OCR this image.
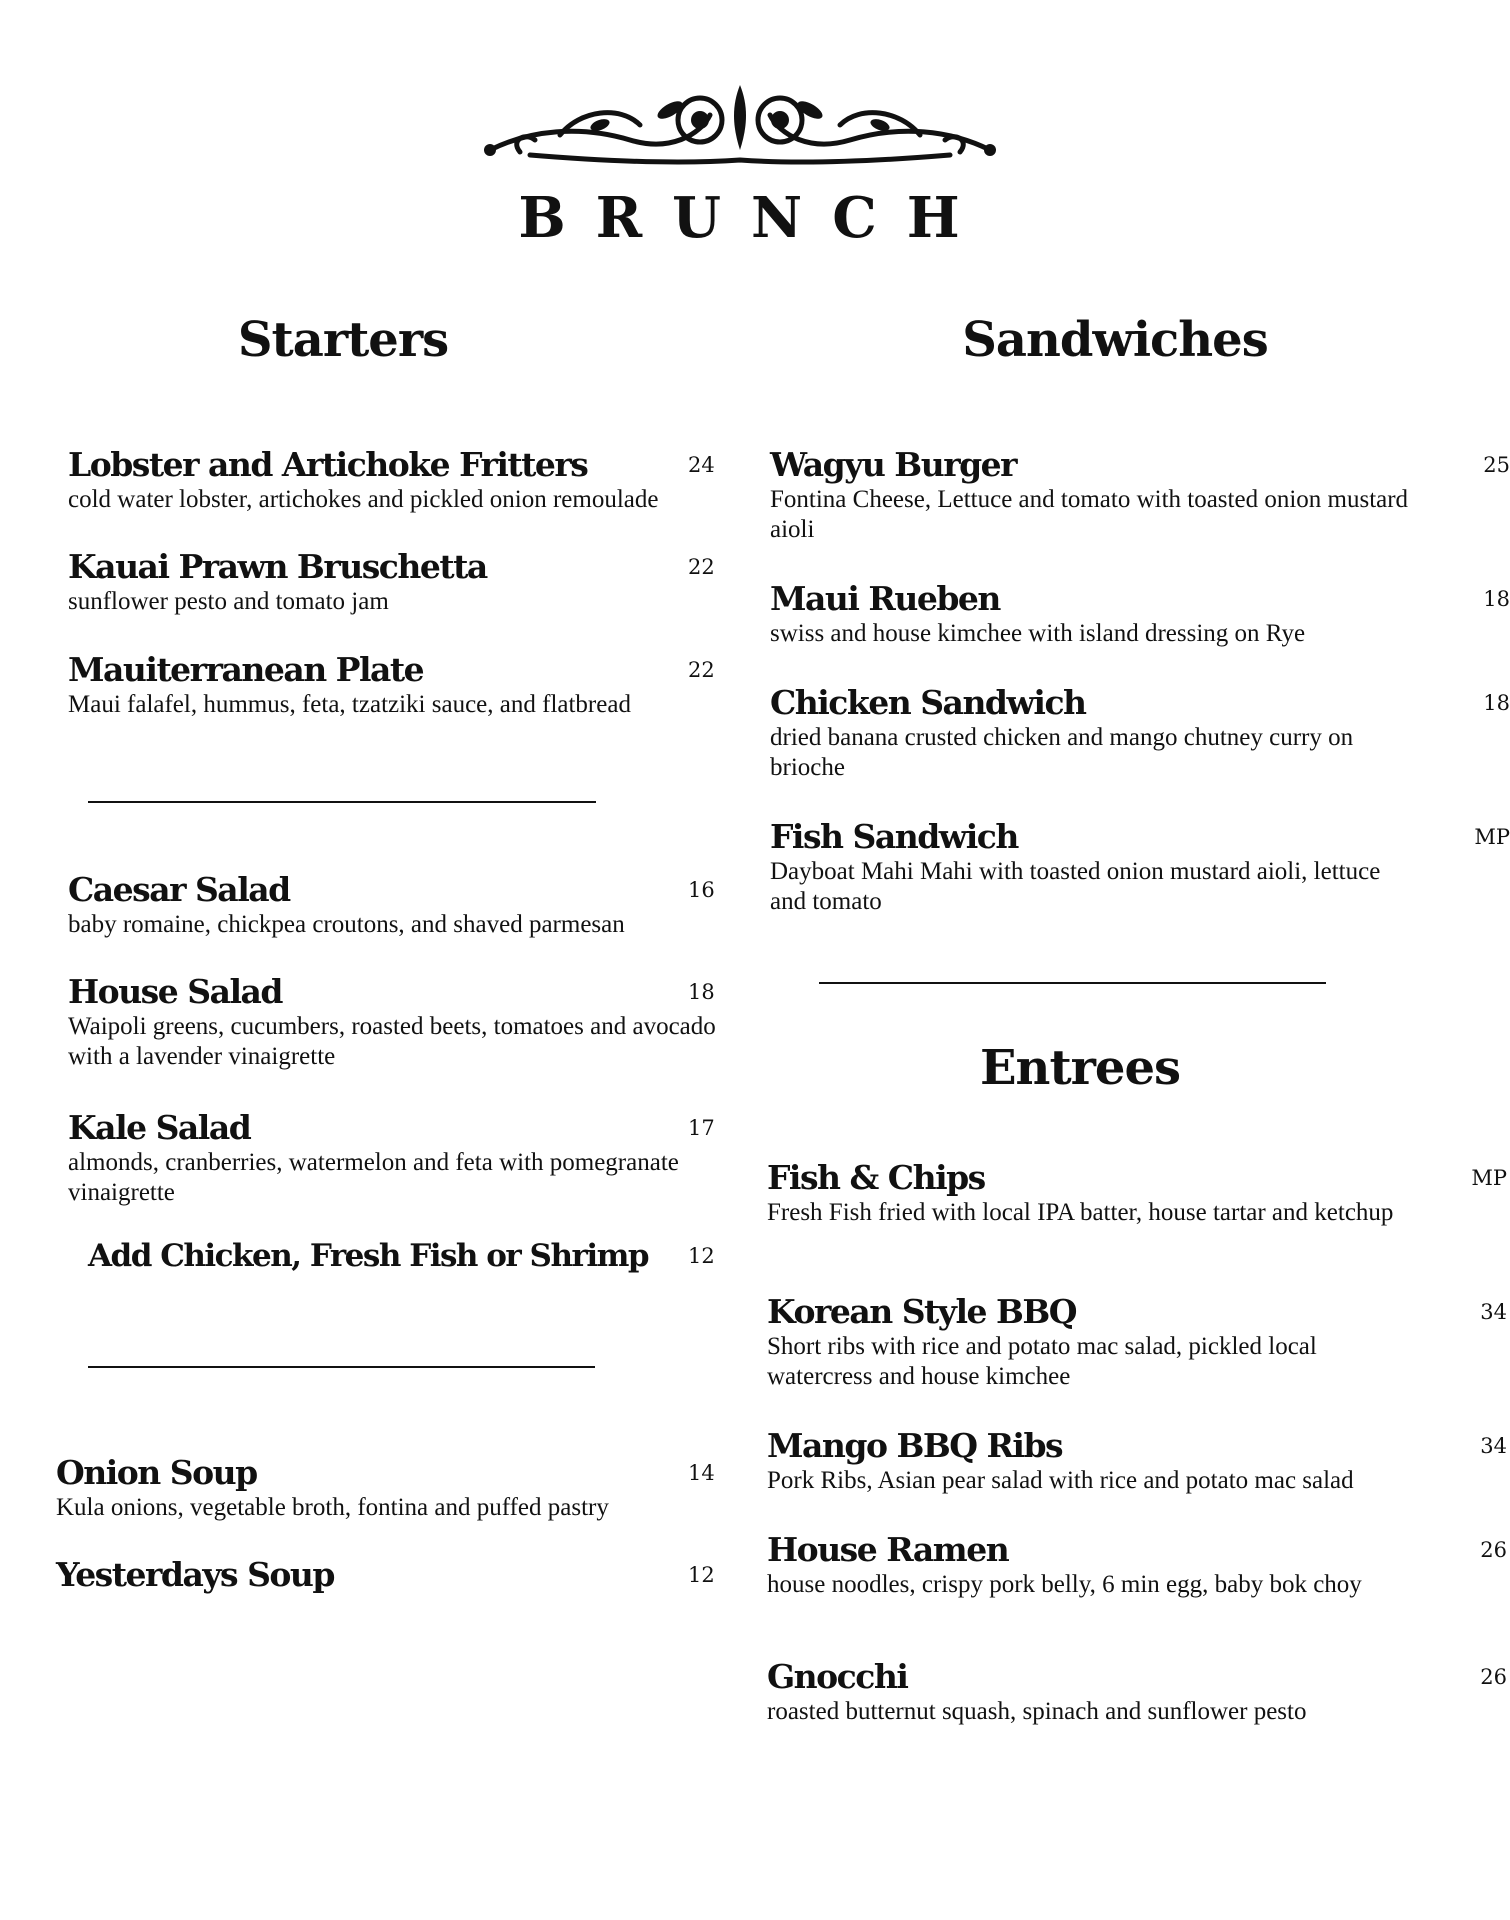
BRUNCH
Starters	Sandwiches
Entrees
Lobster and Artichoke Fritters	24
cold water lobster, artichokes and pickled onion remoulade
Kauai Prawn Bruschetta	22
sunflower pesto and tomato jam
Mauiterranean Plate	22
Maui falafel, hummus, feta, tzatziki sauce, and flatbread
Caesar Salad	16
baby romaine, chickpea croutons, and shaved parmesan
House Salad	18
Waipoli greens, cucumbers, roasted beets, tomatoes and avocado with a lavender vinaigrette
Kale Salad	17
almonds, cranberries, watermelon and feta with pomegranate vinaigrette
Add Chicken, Fresh Fish or Shrimp	12
Onion Soup	14
Kula onions, vegetable broth, fontina and puffed pastry
Yesterdays Soup	12
Wagyu Burger	25
Fontina Cheese, Lettuce and tomato with toasted onion mustard aioli
Maui Rueben	18
swiss and house kimchee with island dressing on Rye
Chicken Sandwich	18
dried banana crusted chicken and mango chutney curry on brioche
Fish Sandwich	MP
Dayboat Mahi Mahi with toasted onion mustard aioli, lettuce and tomato
Fish & Chips	MP
Fresh Fish fried with local IPA batter, house tartar and ketchup
Korean Style BBQ	34
Short ribs with rice and potato mac salad, pickled local watercress and house kimchee
Mango BBQ Ribs	34
Pork Ribs, Asian pear salad with rice and potato mac salad
House Ramen	26
house noodles, crispy pork belly, 6 min egg, baby bok choy
Gnocchi	26
roasted butternut squash, spinach and sunflower pesto
